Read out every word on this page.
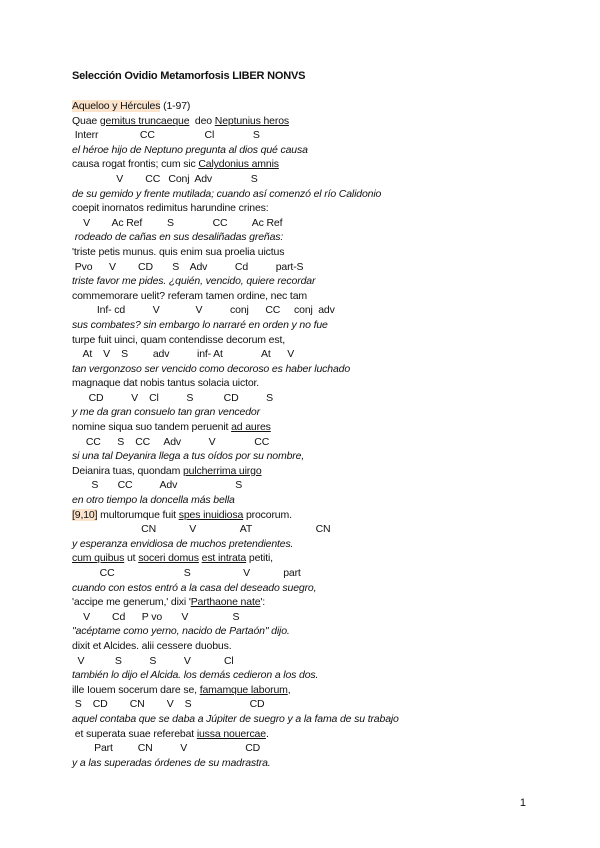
Selección Ovidio Metamorfosis LIBER NONVS
Aqueloo y Hércules (1-97)
Quae gemitus truncaeque  deo Neptunius heros
Interr               CC                  Cl              S
el héroe hijo de Neptuno pregunta al dios qué causa
causa rogat frontis; cum sic Calydonius amnis
V        CC   Conj  Adv              S
de su gemido y frente mutilada; cuando así comenzó el río Calidonio
coepit inornatos redimitus harundine crines:
V        Ac Ref         S              CC         Ac Ref
rodeado de cañas en sus desaliñadas greñas:
'triste petis munus. quis enim sua proelia uictus
Pvo      V        CD       S    Adv          Cd          part-S
triste favor me pides. ¿quién, vencido, quiere recordar
commemorare uelit? referam tamen ordine, nec tam
Inf- cd          V             V          conj      CC     conj  adv
sus combates? sin embargo lo narraré en orden y no fue
turpe fuit uinci, quam contendisse decorum est,
At    V    S         adv          inf- At              At      V
tan vergonzoso ser vencido como decoroso es haber luchado
magnaque dat nobis tantus solacia uictor.
CD          V    Cl          S           CD          S
y me da gran consuelo tan gran vencedor
nomine siqua suo tandem peruenit ad aures
CC      S    CC     Adv          V              CC
si una tal Deyanira llega a tus oídos por su nombre,
Deianira tuas, quondam pulcherrima uirgo
S       CC          Adv                     S
en otro tiempo la doncella más bella
[9,10] multorumque fuit spes inuidiosa procorum.
CN            V                AT                       CN
y esperanza envidiosa de muchos pretendientes.
cum quibus ut soceri domus est intrata petiti,
CC                         S                   V            part
cuando con estos entró a la casa del deseado suegro,
'accipe me generum,' dixi 'Parthaone nate':
V        Cd      P vo       V                S
"acéptame como yerno, nacido de Partaón" dijo.
dixit et Alcides. alii cessere duobus.
V           S          S          V            Cl
también lo dijo el Alcida. los demás cedieron a los dos.
ille Iouem socerum dare se, famamque laborum,
S    CD        CN        V    S                     CD
aquel contaba que se daba a Júpiter de suegro y a la fama de su trabajo
et superata suae referebat iussa nouercae.
Part         CN          V                     CD
y a las superadas órdenes de su madrastra.
1
